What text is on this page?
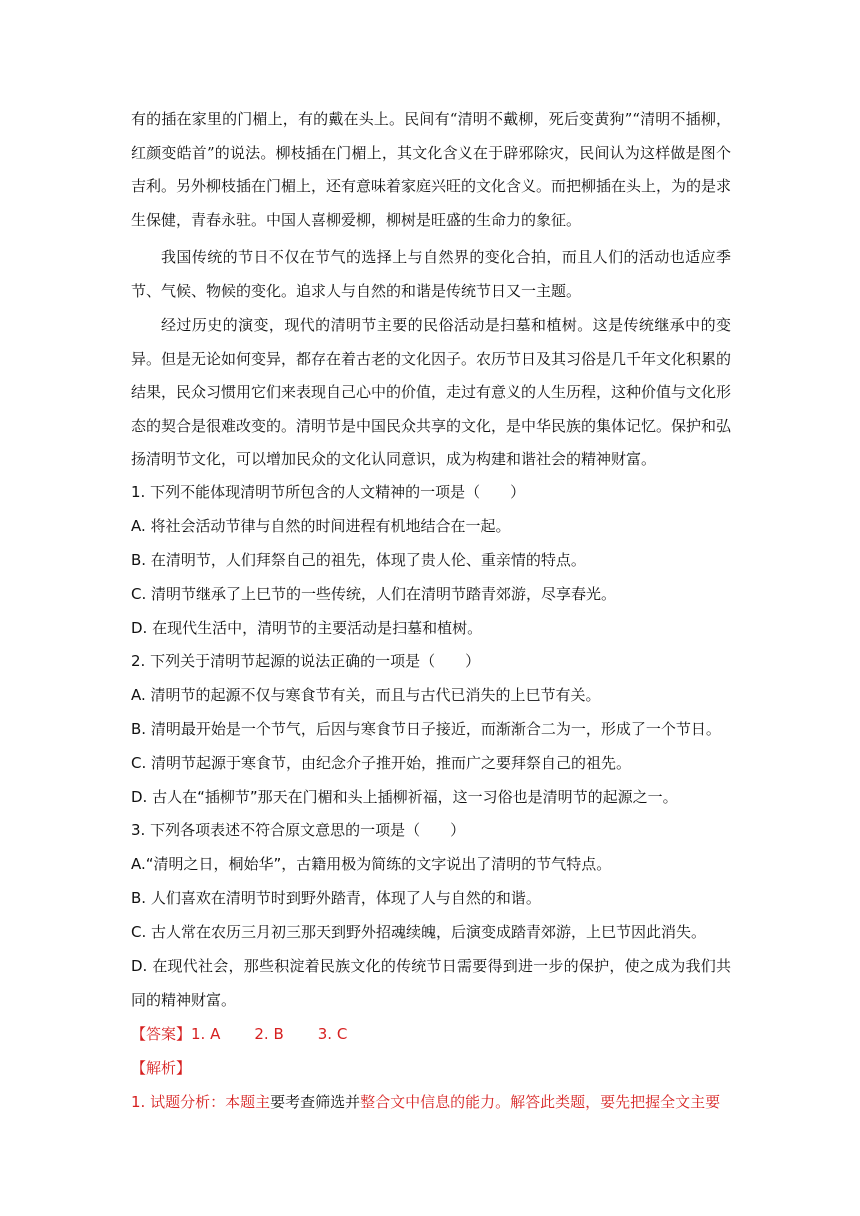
有的插在家里的门楣上，有的戴在头上。民间有“清明不戴柳，死后变黄狗”“清明不插柳，红颜变皓首”的说法。柳枝插在门楣上，其文化含义在于辟邪除灾，民间认为这样做是图个吉利。另外柳枝插在门楣上，还有意味着家庭兴旺的文化含义。而把柳插在头上，为的是求生保健，青春永驻。中国人喜柳爱柳，柳树是旺盛的生命力的象征。

我国传统的节日不仅在节气的选择上与自然界的变化合拍，而且人们的活动也适应季节、气候、物候的变化。追求人与自然的和谐是传统节日又一主题。

经过历史的演变，现代的清明节主要的民俗活动是扫墓和植树。这是传统继承中的变异。但是无论如何变异，都存在着古老的文化因子。农历节日及其习俗是几千年文化积累的结果，民众习惯用它们来表现自己心中的价值，走过有意义的人生历程，这种价值与文化形态的契合是很难改变的。清明节是中国民众共享的文化，是中华民族的集体记忆。保护和弘扬清明节文化，可以增加民众的文化认同意识，成为构建和谐社会的精神财富。

1. 下列不能体现清明节所包含的人文精神的一项是（　　）

A. 将社会活动节律与自然的时间进程有机地结合在一起。

B. 在清明节，人们拜祭自己的祖先，体现了贵人伦、重亲情的特点。

C. 清明节继承了上巳节的一些传统，人们在清明节踏青郊游，尽享春光。

D. 在现代生活中，清明节的主要活动是扫墓和植树。

2. 下列关于清明节起源的说法正确的一项是（　　）

A. 清明节的起源不仅与寒食节有关，而且与古代已消失的上巳节有关。

B. 清明最开始是一个节气，后因与寒食节日子接近，而渐渐合二为一，形成了一个节日。

C. 清明节起源于寒食节，由纪念介子推开始，推而广之要拜祭自己的祖先。

D. 古人在“插柳节”那天在门楣和头上插柳祈福，这一习俗也是清明节的起源之一。

3. 下列各项表述不符合原文意思的一项是（　　）

A.“清明之日，桐始华”，古籍用极为简练的文字说出了清明的节气特点。

B. 人们喜欢在清明节时到野外踏青，体现了人与自然的和谐。

C. 古人常在农历三月初三那天到野外招魂续魄，后演变成踏青郊游，上巳节因此消失。

D. 在现代社会，那些积淀着民族文化的传统节日需要得到进一步的保护，使之成为我们共同的精神财富。

【答案】1. A 2. B 3. C

【解析】

1. 试题分析：本题主要考查筛选并整合文中信息的能力。解答此类题，要先把握全文主要
